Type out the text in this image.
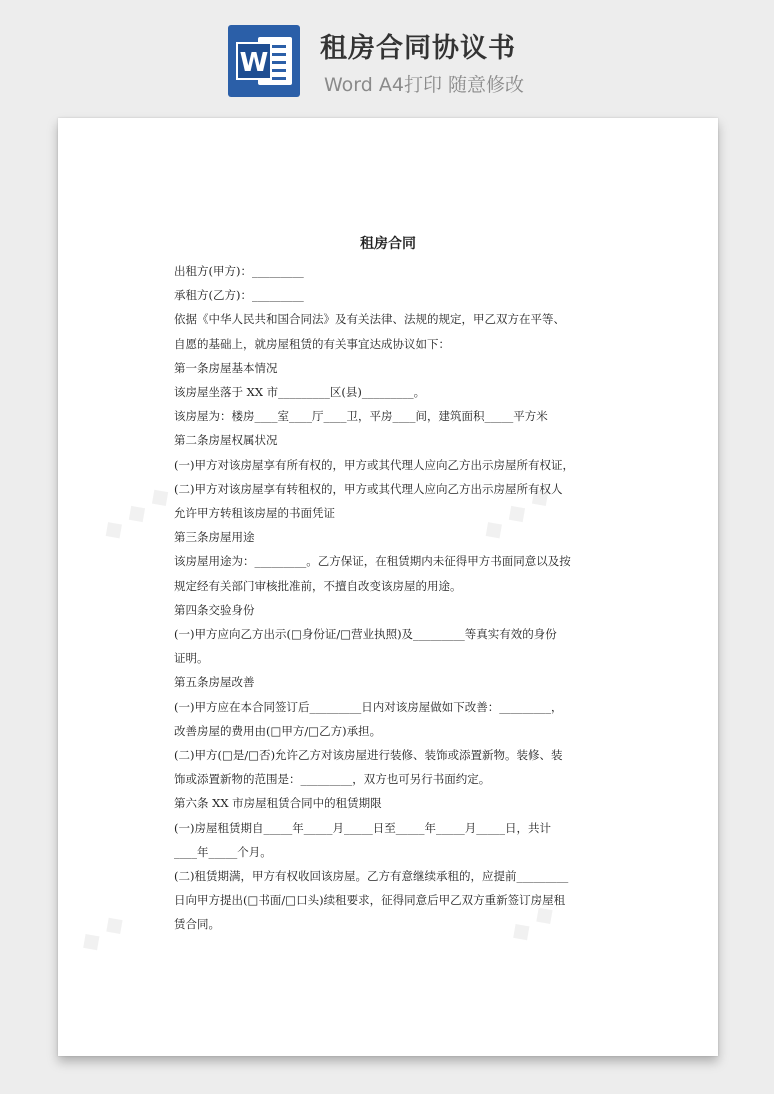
W 租房合同协议书
Word A4打印 随意修改
◆ ◆ ◆	◆ ◆ ◆
◆ ◆	◆ ◆
租房合同

出租方(甲方)：_________

承租方(乙方)：_________

依据《中华人民共和国合同法》及有关法律、法规的规定，甲乙双方在平等、

自愿的基础上，就房屋租赁的有关事宜达成协议如下：

第一条房屋基本情况

该房屋坐落于 XX 市_________区(县)_________。

该房屋为：楼房____室____厅____卫，平房____间，建筑面积_____平方米

第二条房屋权属状况

(一)甲方对该房屋享有所有权的，甲方或其代理人应向乙方出示房屋所有权证，

(二)甲方对该房屋享有转租权的，甲方或其代理人应向乙方出示房屋所有权人

允许甲方转租该房屋的书面凭证

第三条房屋用途

该房屋用途为：_________。乙方保证，在租赁期内未征得甲方书面同意以及按

规定经有关部门审核批准前，不擅自改变该房屋的用途。

第四条交验身份

(一)甲方应向乙方出示(□身份证/□营业执照)及_________等真实有效的身份

证明。

第五条房屋改善

(一)甲方应在本合同签订后_________日内对该房屋做如下改善：_________，

改善房屋的费用由(□甲方/□乙方)承担。

(二)甲方(□是/□否)允许乙方对该房屋进行装修、装饰或添置新物。装修、装

饰或添置新物的范围是：_________，双方也可另行书面约定。

第六条 XX 市房屋租赁合同中的租赁期限

(一)房屋租赁期自_____年_____月_____日至_____年_____月_____日，共计

____年_____个月。

(二)租赁期满，甲方有权收回该房屋。乙方有意继续承租的，应提前_________

日向甲方提出(□书面/□口头)续租要求，征得同意后甲乙双方重新签订房屋租

赁合同。
